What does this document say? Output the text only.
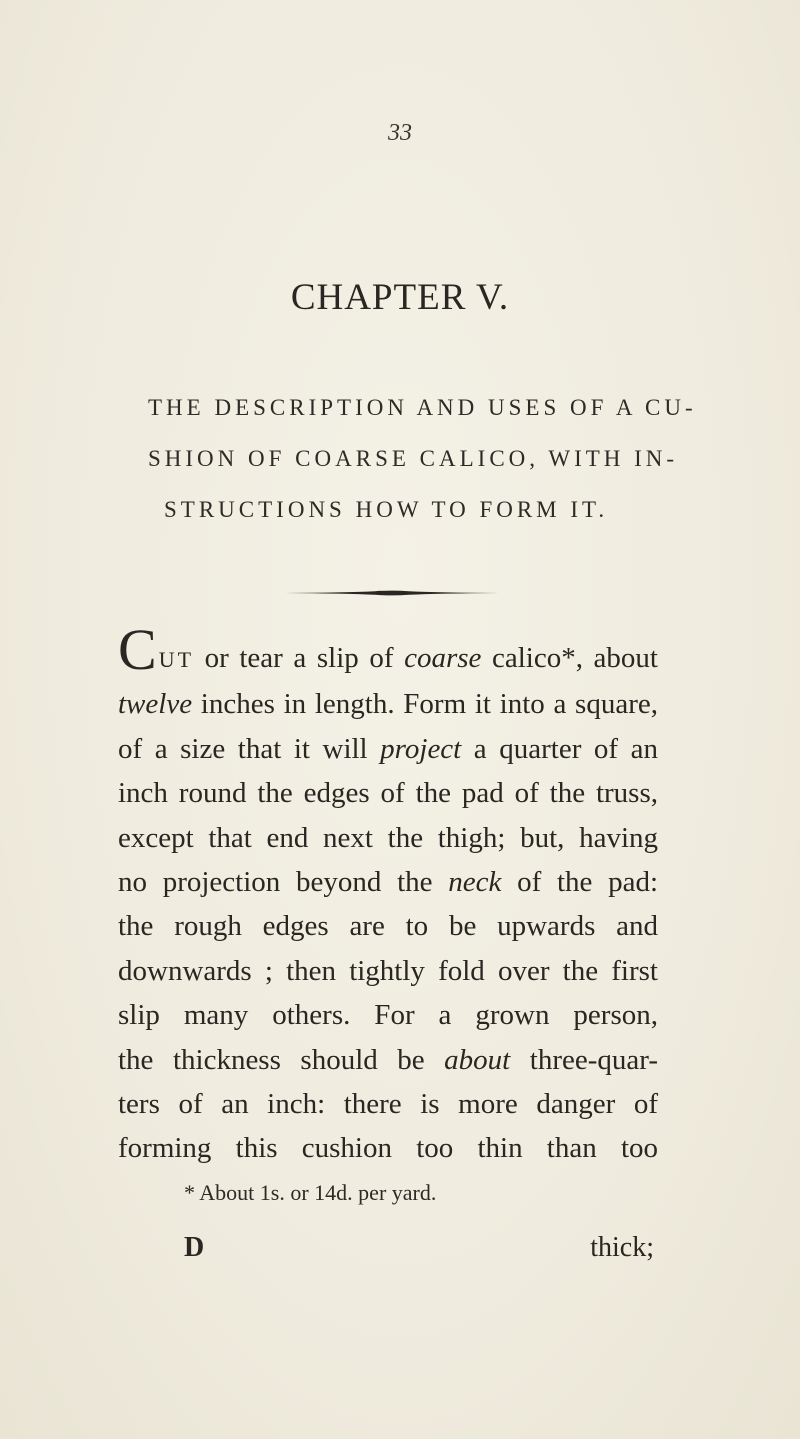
33
CHAPTER V.
THE DESCRIPTION AND USES OF A CU-
SHION OF COARSE CALICO, WITH IN-
STRUCTIONS HOW TO FORM IT.
CUT or tear a slip of coarse calico*, about
twelve inches in length. Form it into a square,
of a size that it will project a quarter of an
inch round the edges of the pad of the truss,
except that end next the thigh; but, having
no projection beyond the neck of the pad:
the rough edges are to be upwards and
downwards ; then tightly fold over the first
slip many others. For a grown person,
the thickness should be about three-quar-
ters of an inch: there is more danger of
forming this cushion too thin than too
* About 1s. or 14d. per yard.
D	thick;
